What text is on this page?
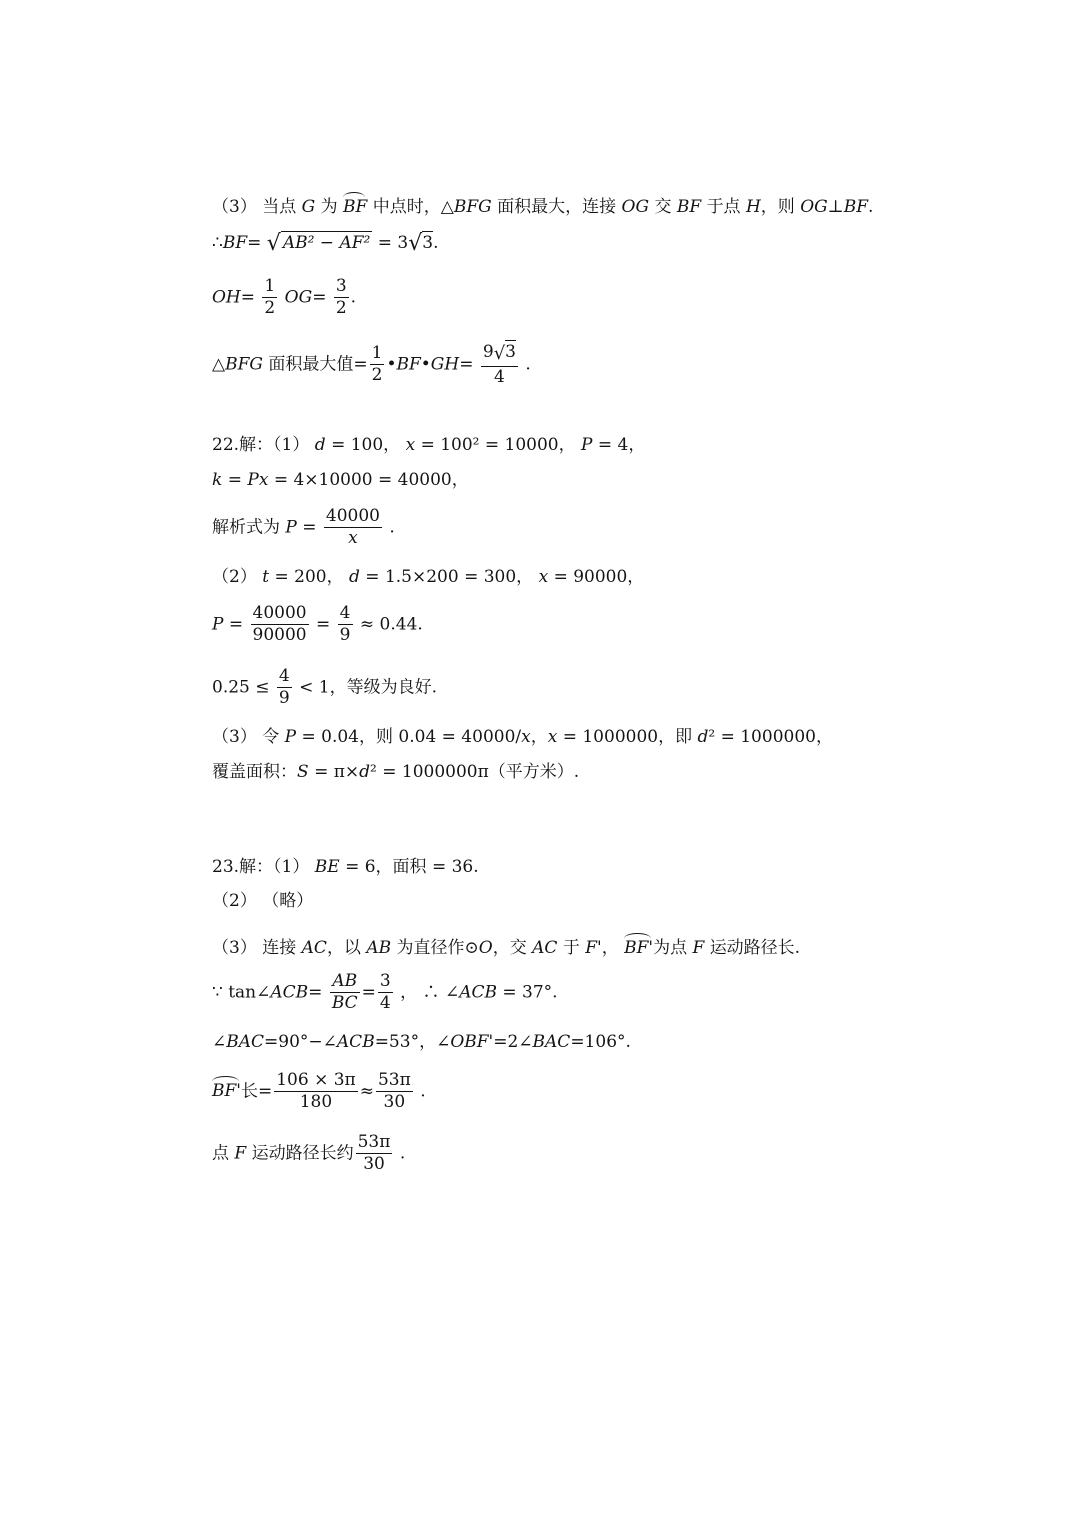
（3） 当点 G 为 BF 中点时，△BFG 面积最大，连接 OG 交 BF 于点 H，则 OG⊥BF.
∴BF= √ AB² − AF² = 3√3.
$OH= \frac{1}{2} OG= \frac{3}{2}$ .
△BFG 面积最大值= $\frac{1}{2}$ •BF•GH= $\frac{9√3}{4}$ .
22.解：（1） d = 100， x = 100² = 10000， P = 4，
k = Px = 4×10000 = 40000，
解析式为 $P = \frac{40000}{x}$ .
（2） t = 200， d = 1.5×200 = 300， x = 90000，
$P = \frac{40000}{90000} = \frac{4}{9} \approx 0.44$.
$0.25 \le \frac{4}{9} < 1$，等级为良好.
（3） 令 P = 0.04，则 0.04 = 40000/x，x = 1000000，即 d² = 1000000，
覆盖面积：S = π×d² = 1000000π（平方米）.
23.解：（1） BE = 6，面积 = 36.
（2） （略）
（3） 连接 AC，以 AB 为直径作⊙O，交 AC 于 F'， BF'为点 F 运动路径长.
∵ tan∠ACB= $\frac{AB}{BC} = \frac{3}{4}$ ， ∴ ∠ACB = 37°.
∠BAC=90°−∠ACB=53°，∠OBF'=2∠BAC=106°.
BF'长= $\frac{106 \times 3\pi}{180} \approx \frac{53\pi}{30}$ .
点 F 运动路径长约 $\frac{53\pi}{30}$ .
